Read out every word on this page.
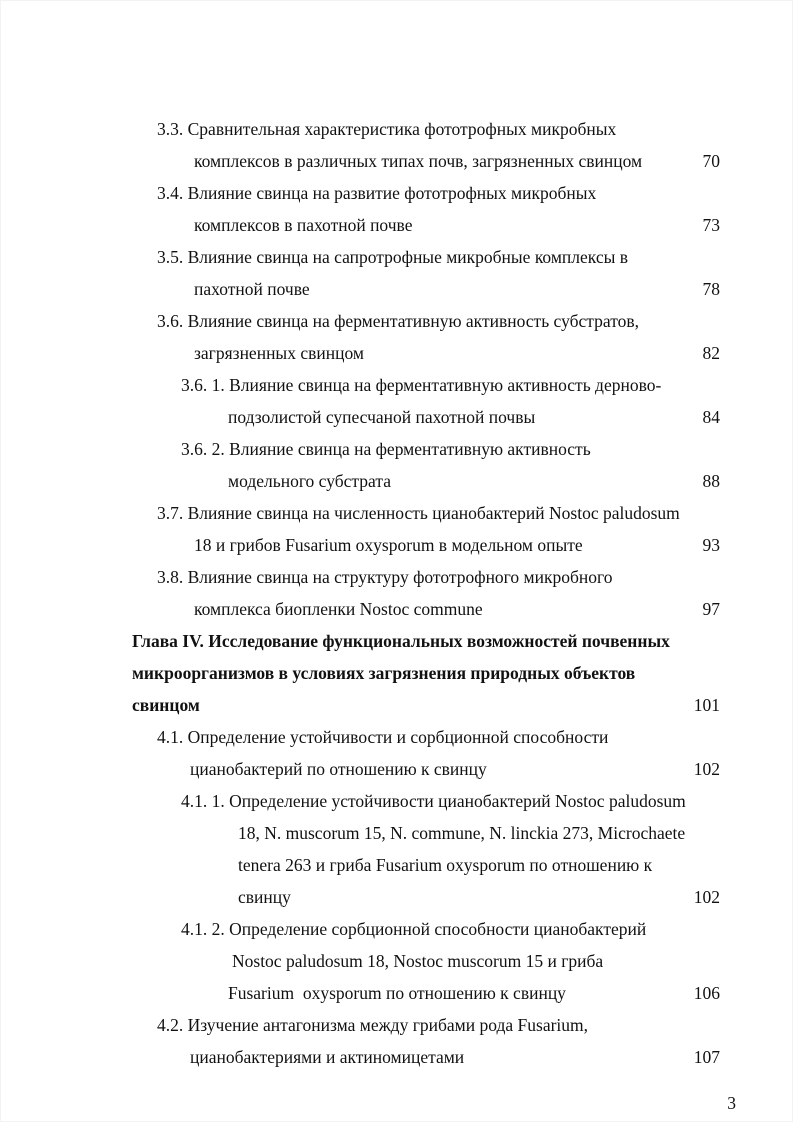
3.3. Сравнительная характеристика фототрофных микробных
комплексов в различных типах почв, загрязненных свинцом	70
3.4. Влияние свинца на развитие фототрофных микробных
комплексов в пахотной почве	73
3.5. Влияние свинца на сапротрофные микробные комплексы в
пахотной почве	78
3.6. Влияние свинца на ферментативную активность субстратов,
загрязненных свинцом	82
3.6. 1. Влияние свинца на ферментативную активность дерново-
подзолистой супесчаной пахотной почвы	84
3.6. 2. Влияние свинца на ферментативную активность
модельного субстрата	88
3.7. Влияние свинца на численность цианобактерий Nostoc paludosum
18 и грибов Fusarium oxysporum в модельном опыте	93
3.8. Влияние свинца на структуру фототрофного микробного
комплекса биопленки Nostoc commune	97
Глава IV. Исследование функциональных возможностей почвенных
микроорганизмов в условиях загрязнения природных объектов
свинцом	101
4.1. Определение устойчивости и сорбционной способности
цианобактерий по отношению к свинцу	102
4.1. 1. Определение устойчивости цианобактерий Nostoc paludosum
18, N. muscorum 15, N. commune, N. linckia 273, Microchaete
tenera 263 и гриба Fusarium oxysporum по отношению к
свинцу	102
4.1. 2. Определение сорбционной способности цианобактерий
Nostoc paludosum 18, Nostoc muscorum 15 и гриба
Fusarium  oxysporum по отношению к свинцу	106
4.2. Изучение антагонизма между грибами рода Fusarium,
цианобактериями и актиномицетами	107
3
